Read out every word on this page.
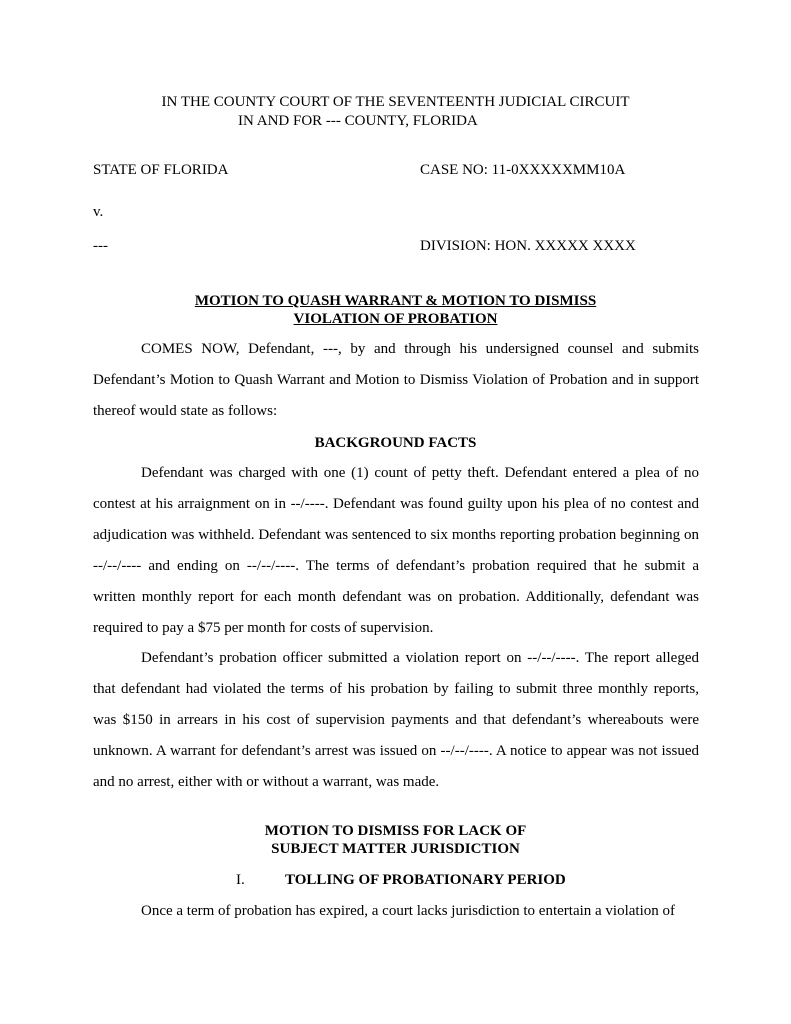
IN THE COUNTY COURT OF THE SEVENTEENTH JUDICIAL CIRCUIT
IN AND FOR --- COUNTY, FLORIDA
STATE OF FLORIDA	CASE NO: 11-0XXXXXMM10A
v.
---	DIVISION: HON. XXXXX XXXX
MOTION TO QUASH WARRANT & MOTION TO DISMISS
VIOLATION OF PROBATION

COMES NOW, Defendant, ---, by and through his undersigned counsel and submits Defendant’s Motion to Quash Warrant and Motion to Dismiss Violation of Probation and in support thereof would state as follows:

BACKGROUND FACTS

Defendant was charged with one (1) count of petty theft. Defendant entered a plea of no contest at his arraignment on in --/----. Defendant was found guilty upon his plea of no contest and adjudication was withheld. Defendant was sentenced to six months reporting probation beginning on --/--/---- and ending on --/--/----. The terms of defendant’s probation required that he submit a written monthly report for each month defendant was on probation. Additionally, defendant was required to pay a $75 per month for costs of supervision.

Defendant’s probation officer submitted a violation report on --/--/----. The report alleged that defendant had violated the terms of his probation by failing to submit three monthly reports, was $150 in arrears in his cost of supervision payments and that defendant’s whereabouts were unknown. A warrant for defendant’s arrest was issued on --/--/----. A notice to appear was not issued and no arrest, either with or without a warrant, was made.

MOTION TO DISMISS FOR LACK OF
SUBJECT MATTER JURISDICTION
I.	TOLLING OF PROBATIONARY PERIOD

Once a term of probation has expired, a court lacks jurisdiction to entertain a violation of
